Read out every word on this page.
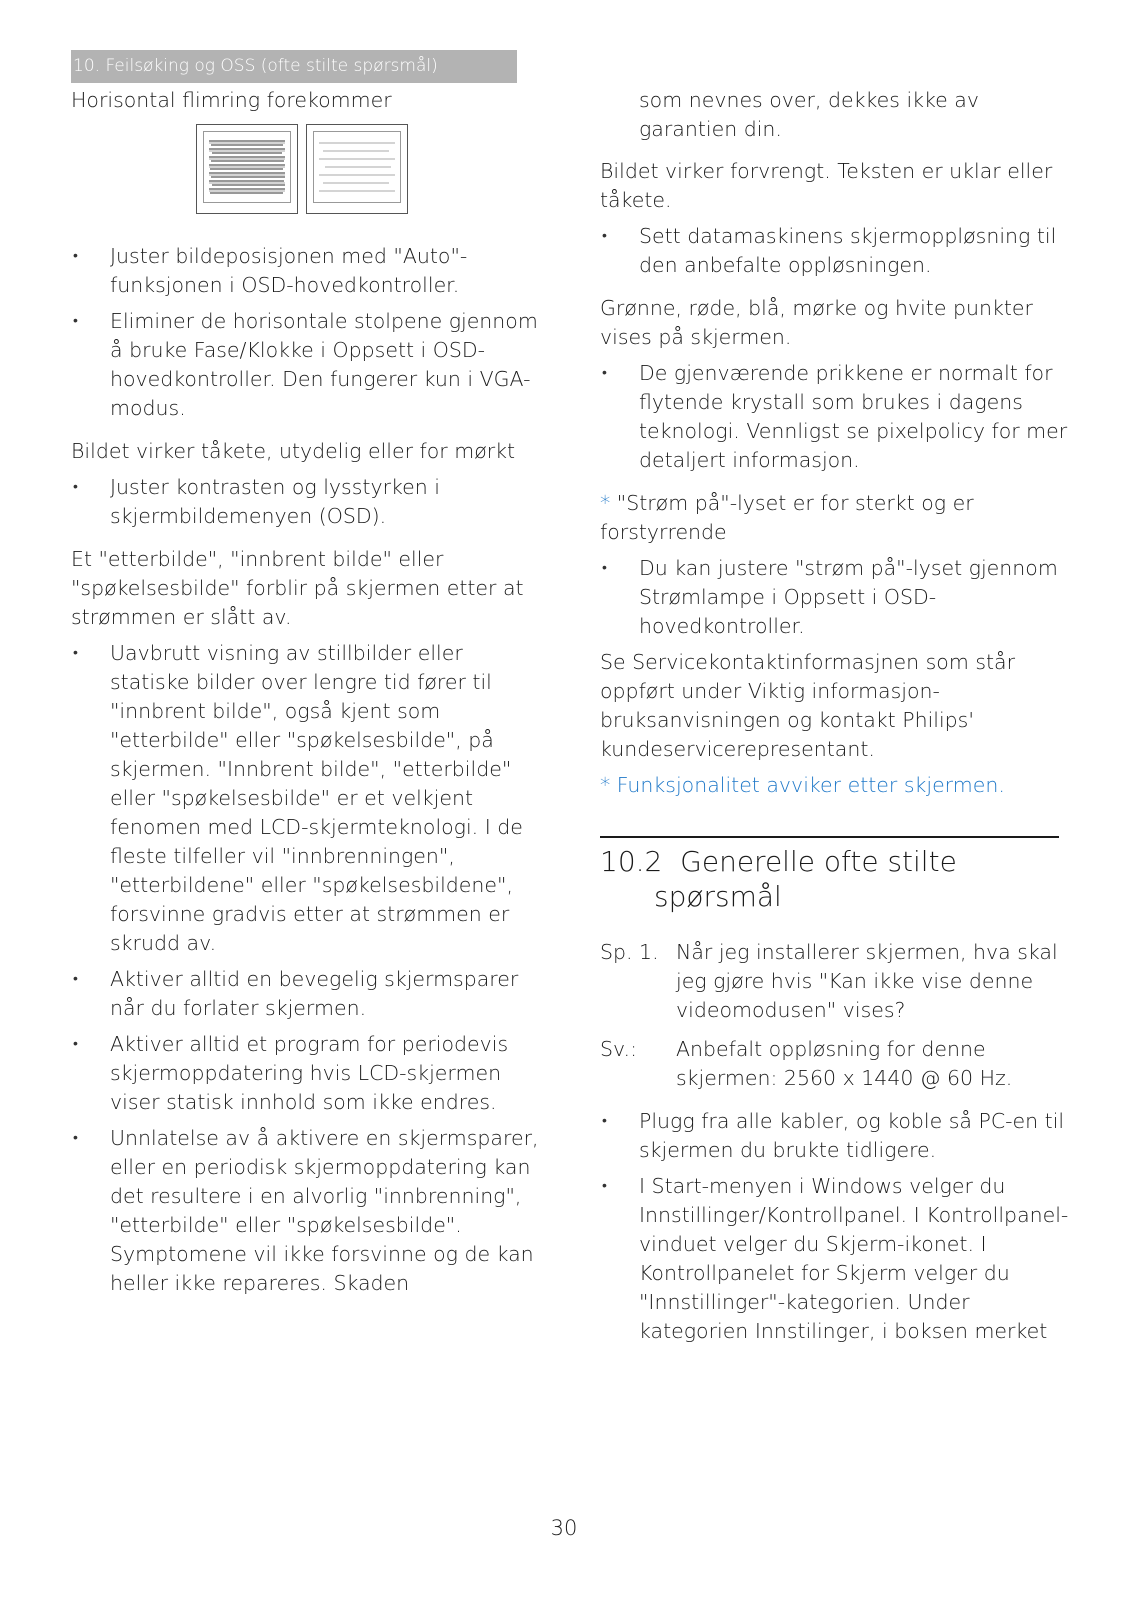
10. Feilsøking og OSS (ofte stilte spørsmål)

Horisontal flimring forekommer

• Juster bildeposisjonen med "Auto"-funksjonen i OSD-hovedkontroller.
• Eliminer de horisontale stolpene gjennom å bruke Fase/Klokke i Oppsett i OSD-hovedkontroller. Den fungerer kun i VGA-modus.

Bildet virker tåkete, utydelig eller for mørkt

• Juster kontrasten og lysstyrken i skjermbildemenyen (OSD).

Et "etterbilde", "innbrent bilde" eller "spøkelsesbilde" forblir på skjermen etter at strømmen er slått av.

• Uavbrutt visning av stillbilder eller statiske bilder over lengre tid fører til "innbrent bilde", også kjent som "etterbilde" eller "spøkelsesbilde", på skjermen. "Innbrent bilde", "etterbilde" eller "spøkelsesbilde" er et velkjent fenomen med LCD-skjermteknologi. I de fleste tilfeller vil "innbrenningen", "etterbildene" eller "spøkelsesbildene", forsvinne gradvis etter at strømmen er skrudd av.
• Aktiver alltid en bevegelig skjermsparer når du forlater skjermen.
• Aktiver alltid et program for periodevis skjermoppdatering hvis LCD-skjermen viser statisk innhold som ikke endres.
• Unnlatelse av å aktivere en skjermsparer, eller en periodisk skjermoppdatering kan det resultere i en alvorlig "innbrenning", "etterbilde" eller "spøkelsesbilde". Symptomene vil ikke forsvinne og de kan heller ikke repareres. Skaden

som nevnes over, dekkes ikke av garantien din.

Bildet virker forvrengt. Teksten er uklar eller tåkete.

• Sett datamaskinens skjermoppløsning til den anbefalte oppløsningen.

Grønne, røde, blå, mørke og hvite punkter vises på skjermen.

• De gjenværende prikkene er normalt for flytende krystall som brukes i dagens teknologi. Vennligst se pixelpolicy for mer detaljert informasjon.

* "Strøm på"-lyset er for sterkt og er forstyrrende

• Du kan justere "strøm på"-lyset gjennom Strømlampe i Oppsett i OSD-hovedkontroller.

Se Servicekontaktinformasjnen som står oppført under Viktig informasjon-bruksanvisningen og kontakt Philips' kundeservicerepresentant.

* Funksjonalitet avviker etter skjermen.

10.2 Generelle ofte stilte
spørsmål
Sp. 1. Når jeg installerer skjermen, hva skal jeg gjøre hvis "Kan ikke vise denne videomodusen" vises?
Sv.:	Anbefalt oppløsning for denne skjermen: 2560 x 1440 @ 60 Hz.
• Plugg fra alle kabler, og koble så PC-en til skjermen du brukte tidligere.
• I Start-menyen i Windows velger du Innstillinger/Kontrollpanel. I Kontrollpanel-vinduet velger du Skjerm-ikonet. I Kontrollpanelet for Skjerm velger du "Innstillinger"-kategorien. Under kategorien Innstilinger, i boksen merket
30
